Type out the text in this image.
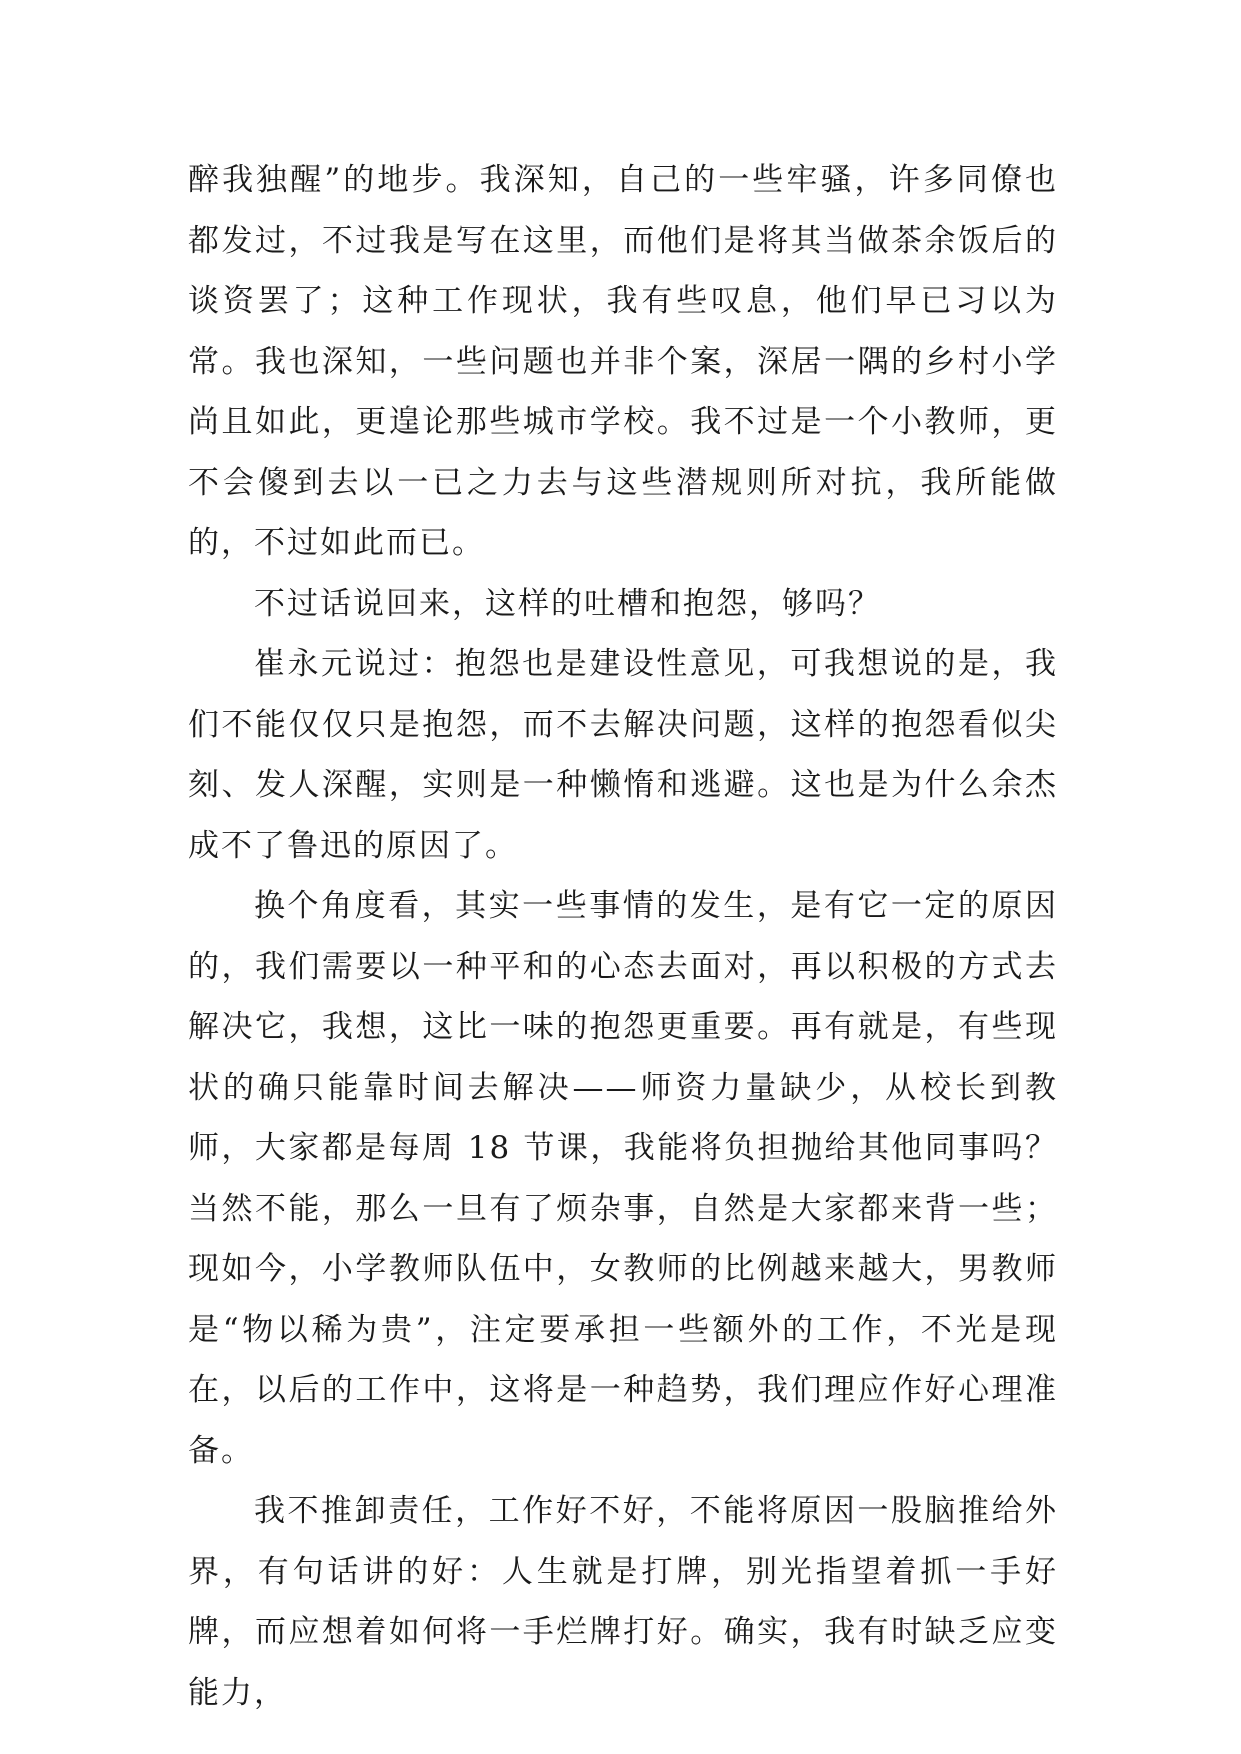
醉我独醒”的地步。我深知，自己的一些牢骚，许多同僚也都发过，不过我是写在这里，而他们是将其当做茶余饭后的谈资罢了；这种工作现状，我有些叹息，他们早已习以为常。我也深知，一些问题也并非个案，深居一隅的乡村小学尚且如此，更遑论那些城市学校。我不过是一个小教师，更不会傻到去以一已之力去与这些潜规则所对抗，我所能做的，不过如此而已。

不过话说回来，这样的吐槽和抱怨，够吗？

崔永元说过：抱怨也是建设性意见，可我想说的是，我们不能仅仅只是抱怨，而不去解决问题，这样的抱怨看似尖刻、发人深醒，实则是一种懒惰和逃避。这也是为什么余杰成不了鲁迅的原因了。

换个角度看，其实一些事情的发生，是有它一定的原因的，我们需要以一种平和的心态去面对，再以积极的方式去解决它，我想，这比一味的抱怨更重要。再有就是，有些现状的确只能靠时间去解决——师资力量缺少，从校长到教师，大家都是每周 18 节课，我能将负担抛给其他同事吗？当然不能，那么一旦有了烦杂事，自然是大家都来背一些；现如今，小学教师队伍中，女教师的比例越来越大，男教师是“物以稀为贵”，注定要承担一些额外的工作，不光是现在，以后的工作中，这将是一种趋势，我们理应作好心理准备。

我不推卸责任，工作好不好，不能将原因一股脑推给外界，有句话讲的好：人生就是打牌，别光指望着抓一手好牌，而应想着如何将一手烂牌打好。确实，我有时缺乏应变能力，
